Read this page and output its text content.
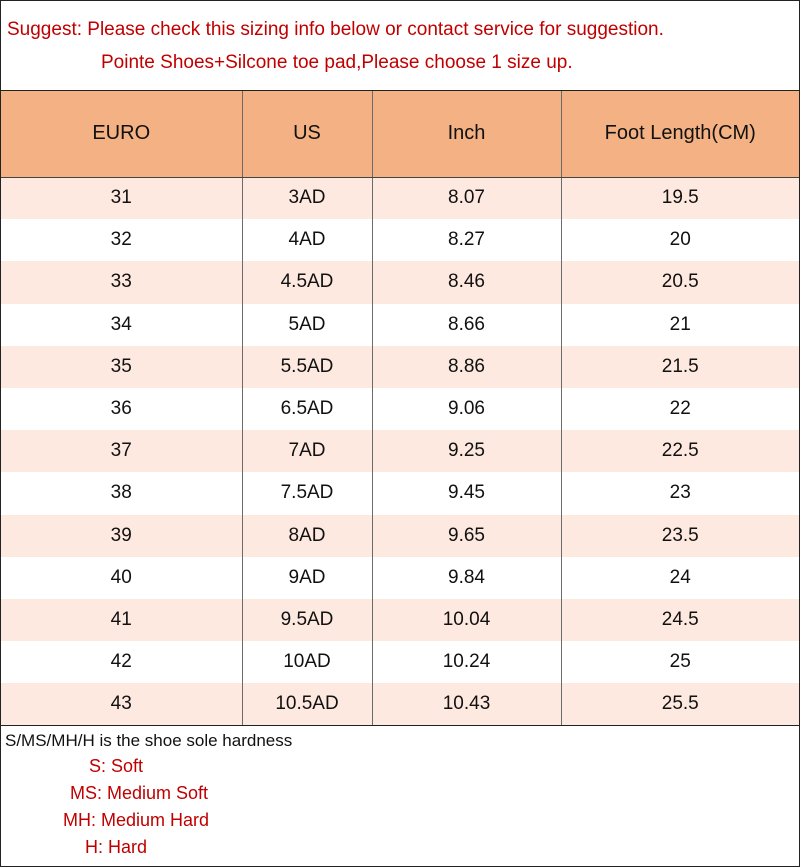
Suggest: Please check this sizing info below or contact service for suggestion.
Pointe Shoes+Silcone toe pad,Please choose 1 size up.
EURO	US	Inch	Foot Length(CM)
31	3AD	8.07	19.5
32	4AD	8.27	20
33	4.5AD	8.46	20.5
34	5AD	8.66	21
35	5.5AD	8.86	21.5
36	6.5AD	9.06	22
37	7AD	9.25	22.5
38	7.5AD	9.45	23
39	8AD	9.65	23.5
40	9AD	9.84	24
41	9.5AD	10.04	24.5
42	10AD	10.24	25
43	10.5AD	10.43	25.5
S/MS/MH/H is the shoe sole hardness
S: Soft
MS: Medium Soft
MH: Medium Hard
H: Hard
